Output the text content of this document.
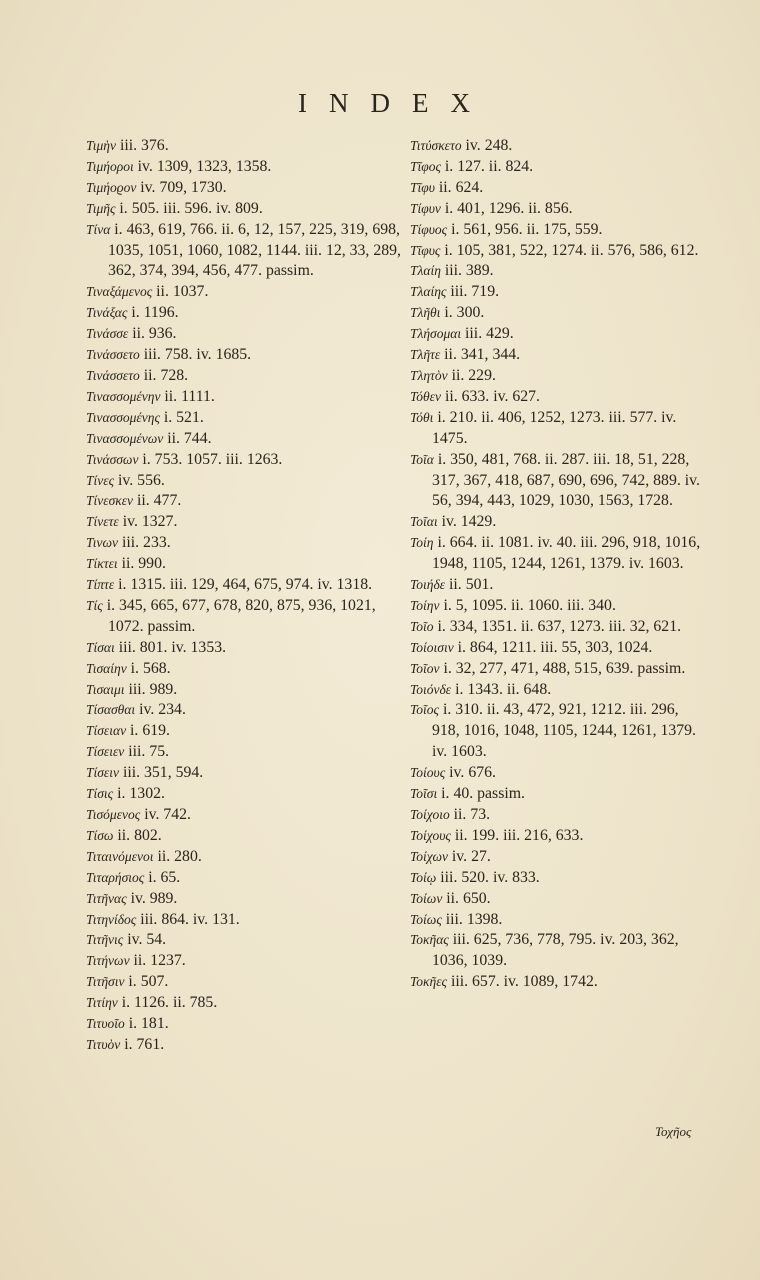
INDEX

Τιμὴν iii. 376.

Τιμήοροι iv. 1309, 1323, 1358.

Τιμήοϱον iv. 709, 1730.

Τιμῆς i. 505. iii. 596. iv. 809.

Τίνα i. 463, 619, 766. ii. 6, 12, 157, 225, 319, 698, 1035, 1051, 1060, 1082, 1144. iii. 12, 33, 289, 362, 374, 394, 456, 477. passim.

Τιναξάμενος ii. 1037.

Τινάξας i. 1196.

Τινάσσε ii. 936.

Τινάσσετο iii. 758. iv. 1685.

Τινάσσετο ii. 728.

Τινασσομένην ii. 1111.

Τινασσομένης i. 521.

Τινασσομένων ii. 744.

Τινάσσων i. 753. 1057. iii. 1263.

Τίνες iv. 556.

Τίνεσκεν ii. 477.

Τίνετε iv. 1327.

Τινων iii. 233.

Τίκτει ii. 990.

Τίπτε i. 1315. iii. 129, 464, 675, 974. iv. 1318.

Τίς i. 345, 665, 677, 678, 820, 875, 936, 1021, 1072. passim.

Τίσαι iii. 801. iv. 1353.

Τισαίην i. 568.

Τισαιμι iii. 989.

Τίσασθαι iv. 234.

Τίσειαν i. 619.

Τίσειεν iii. 75.

Τίσειν iii. 351, 594.

Τίσις i. 1302.

Τισόμενος iv. 742.

Τίσω ii. 802.

Τιταινόμενοι ii. 280.

Τιταρήσιος i. 65.

Τιτῆνας iv. 989.

Τιτηνίδος iii. 864. iv. 131.

Τιτῆνις iv. 54.

Τιτήνων ii. 1237.

Τιτῆσιν i. 507.

Τιτίην i. 1126. ii. 785.

Τιτυοῖο i. 181.

Τιτυὸν i. 761.

Τιτύσκετο iv. 248.

Τῖφος i. 127. ii. 824.

Τῖφυ ii. 624.

Τίφυν i. 401, 1296. ii. 856.

Τίφυος i. 561, 956. ii. 175, 559.

Τῖφυς i. 105, 381, 522, 1274. ii. 576, 586, 612.

Τλαίη iii. 389.

Τλαίης iii. 719.

Τλῆθι i. 300.

Τλήσομαι iii. 429.

Τλῆτε ii. 341, 344.

Τλητὸν ii. 229.

Τόθεν ii. 633. iv. 627.

Τόθι i. 210. ii. 406, 1252, 1273. iii. 577. iv. 1475.

Τοῖα i. 350, 481, 768. ii. 287. iii. 18, 51, 228, 317, 367, 418, 687, 690, 696, 742, 889. iv. 56, 394, 443, 1029, 1030, 1563, 1728.

Τοῖαι iv. 1429.

Τοίη i. 664. ii. 1081. iv. 40. iii. 296, 918, 1016, 1948, 1105, 1244, 1261, 1379. iv. 1603.

Τοιήδε ii. 501.

Τοίην i. 5, 1095. ii. 1060. iii. 340.

Τοῖο i. 334, 1351. ii. 637, 1273. iii. 32, 621.

Τοίοισιν i. 864, 1211. iii. 55, 303, 1024.

Τοῖον i. 32, 277, 471, 488, 515, 639. passim.

Τοιόνδε i. 1343. ii. 648.

Τοῖος i. 310. ii. 43, 472, 921, 1212. iii. 296, 918, 1016, 1048, 1105, 1244, 1261, 1379. iv. 1603.

Τοίους iv. 676.

Τοῖσι i. 40. passim.

Τοίχοιο ii. 73.

Τοίχους ii. 199. iii. 216, 633.

Τοίχων iv. 27.

Τοίῳ iii. 520. iv. 833.

Τοίων ii. 650.

Τοίως iii. 1398.

Τοκῆας iii. 625, 736, 778, 795. iv. 203, 362, 1036, 1039.

Τοκῆες iii. 657. iv. 1089, 1742.

Τοχῆος
